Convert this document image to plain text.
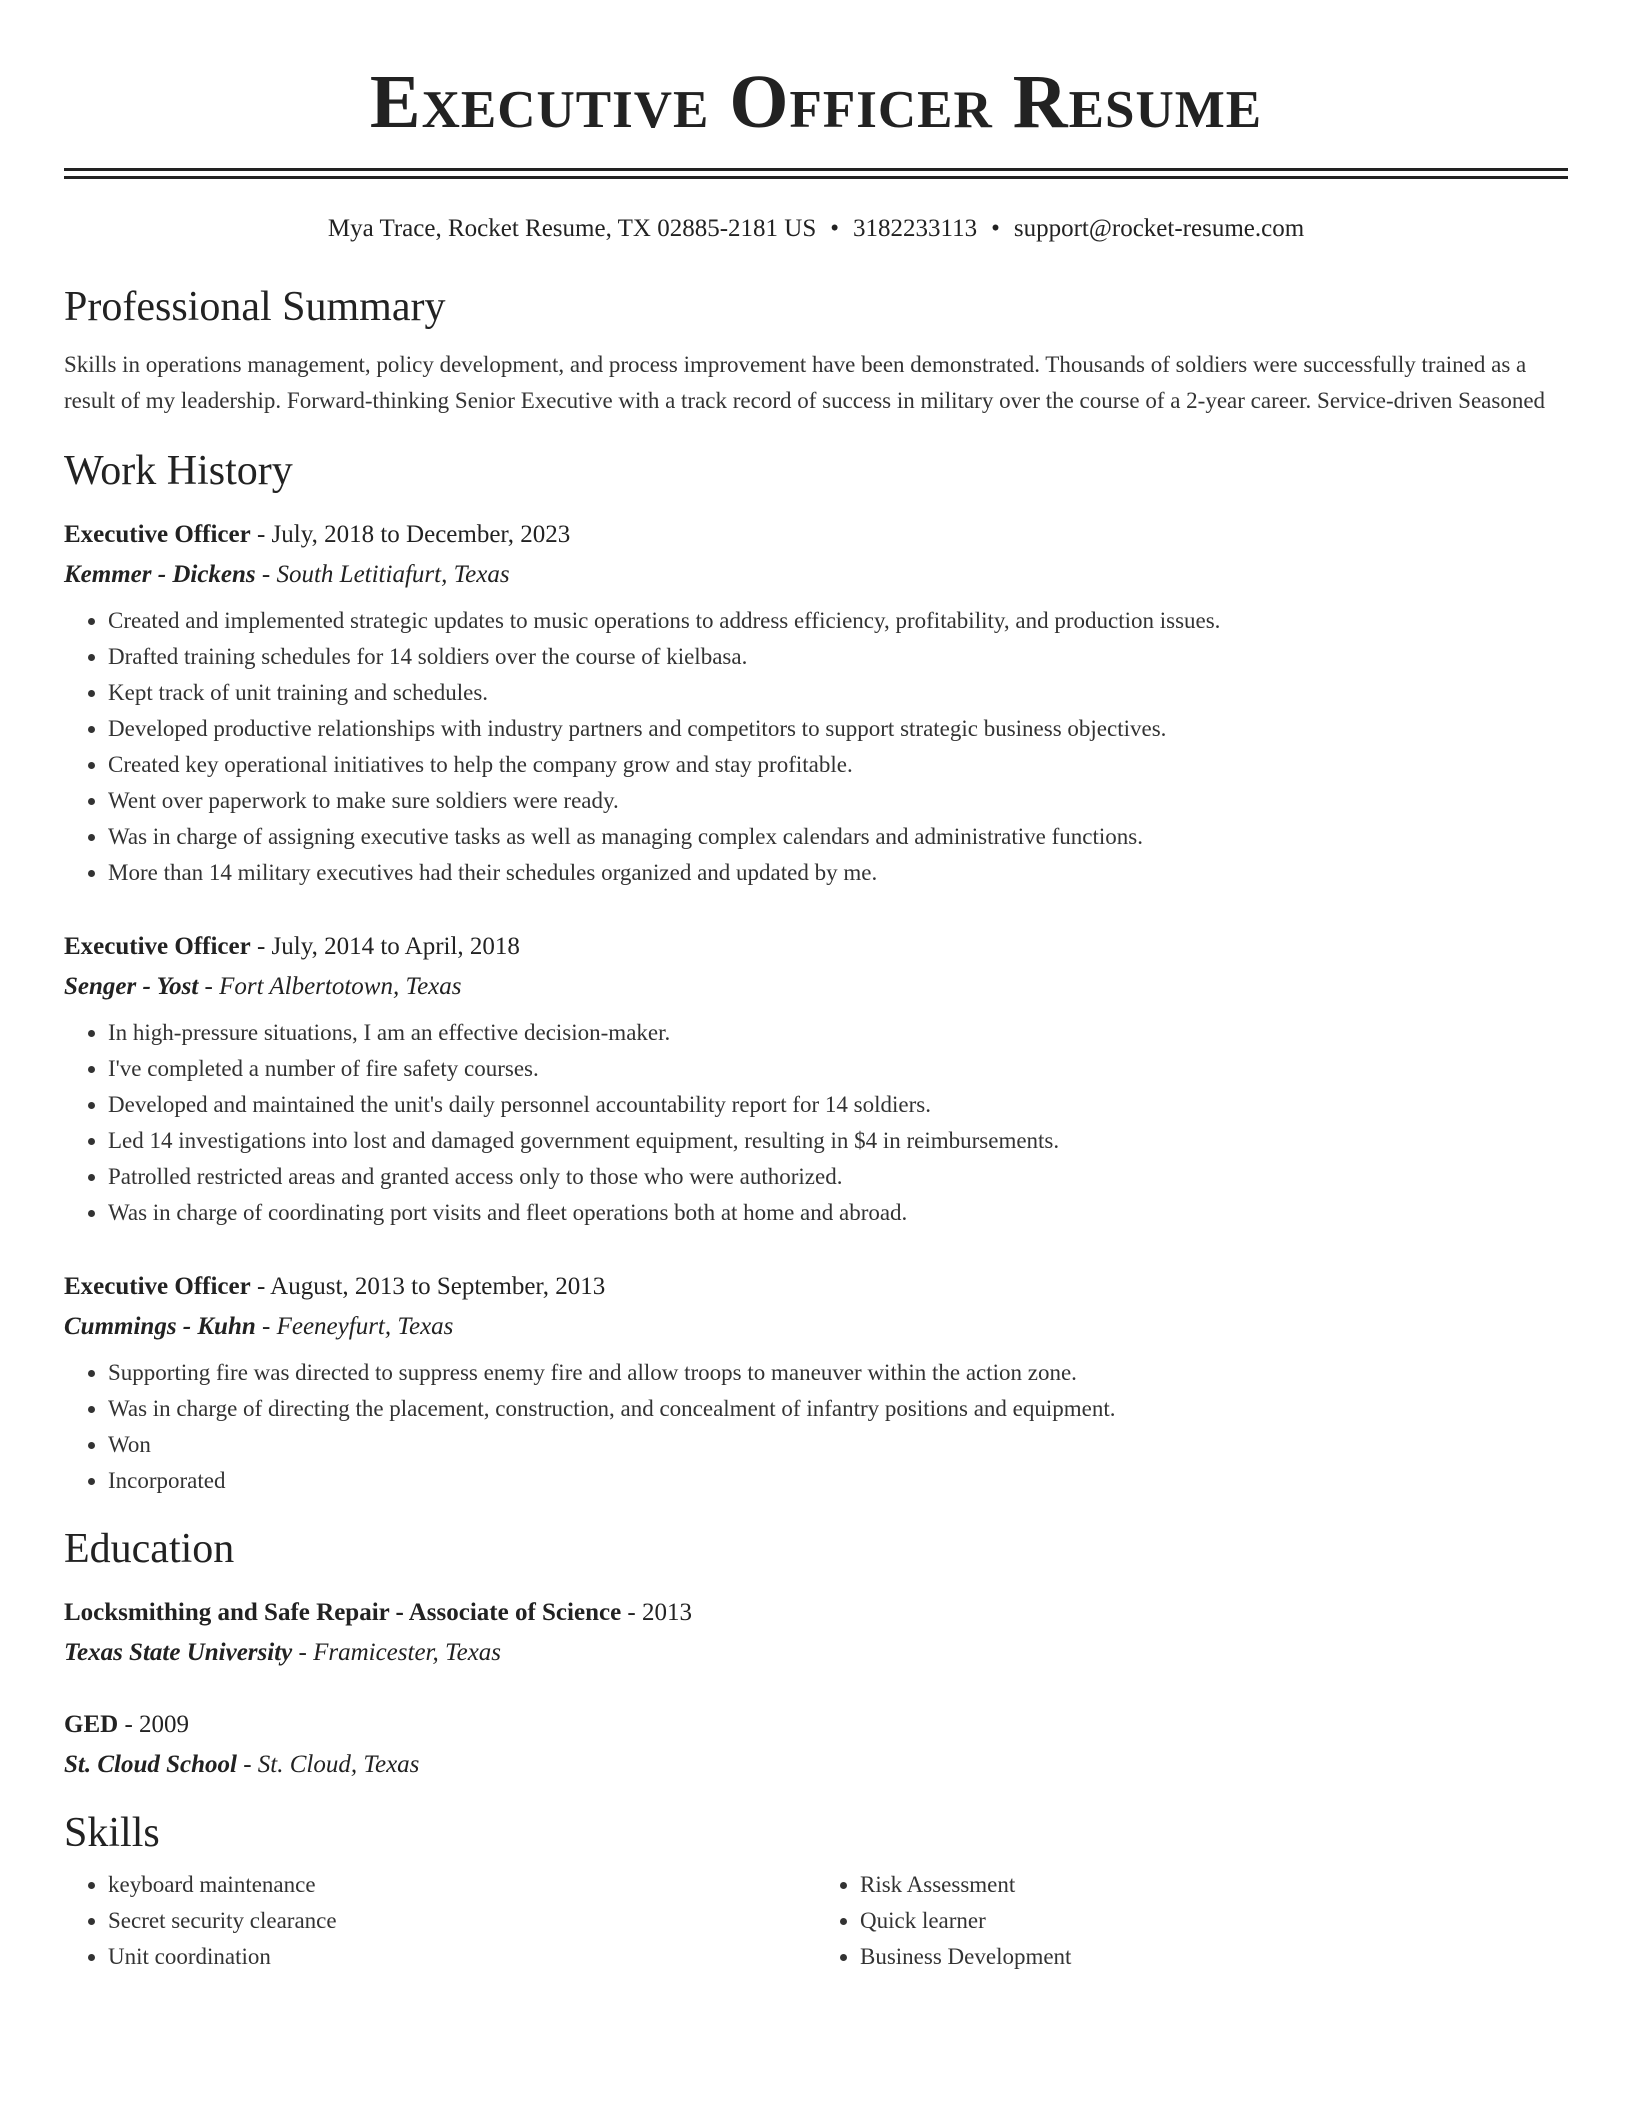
Executive Officer Resume
Mya Trace, Rocket Resume, TX 02885-2181 US • 3182233113 • support@rocket-resume.com
Professional Summary
Skills in operations management, policy development, and process improvement have been demonstrated. Thousands of soldiers were successfully trained as a result of my leadership. Forward-thinking Senior Executive with a track record of success in military over the course of a 2-year career. Service-driven Seasoned
Work History
Executive Officer - July, 2018 to December, 2023
Kemmer - Dickens - South Letitiafurt, Texas
• Created and implemented strategic updates to music operations to address efficiency, profitability, and production issues.
• Drafted training schedules for 14 soldiers over the course of kielbasa.
• Kept track of unit training and schedules.
• Developed productive relationships with industry partners and competitors to support strategic business objectives.
• Created key operational initiatives to help the company grow and stay profitable.
• Went over paperwork to make sure soldiers were ready.
• Was in charge of assigning executive tasks as well as managing complex calendars and administrative functions.
• More than 14 military executives had their schedules organized and updated by me.
Executive Officer - July, 2014 to April, 2018
Senger - Yost - Fort Albertotown, Texas
• In high-pressure situations, I am an effective decision-maker.
• I've completed a number of fire safety courses.
• Developed and maintained the unit's daily personnel accountability report for 14 soldiers.
• Led 14 investigations into lost and damaged government equipment, resulting in $4 in reimbursements.
• Patrolled restricted areas and granted access only to those who were authorized.
• Was in charge of coordinating port visits and fleet operations both at home and abroad.
Executive Officer - August, 2013 to September, 2013
Cummings - Kuhn - Feeneyfurt, Texas
• Supporting fire was directed to suppress enemy fire and allow troops to maneuver within the action zone.
• Was in charge of directing the placement, construction, and concealment of infantry positions and equipment.
• Won
• Incorporated
Education
Locksmithing and Safe Repair - Associate of Science - 2013
Texas State University - Framicester, Texas
GED - 2009
St. Cloud School - St. Cloud, Texas
Skills
• keyboard maintenance
• Secret security clearance
• Unit coordination
• Risk Assessment
• Quick learner
• Business Development
